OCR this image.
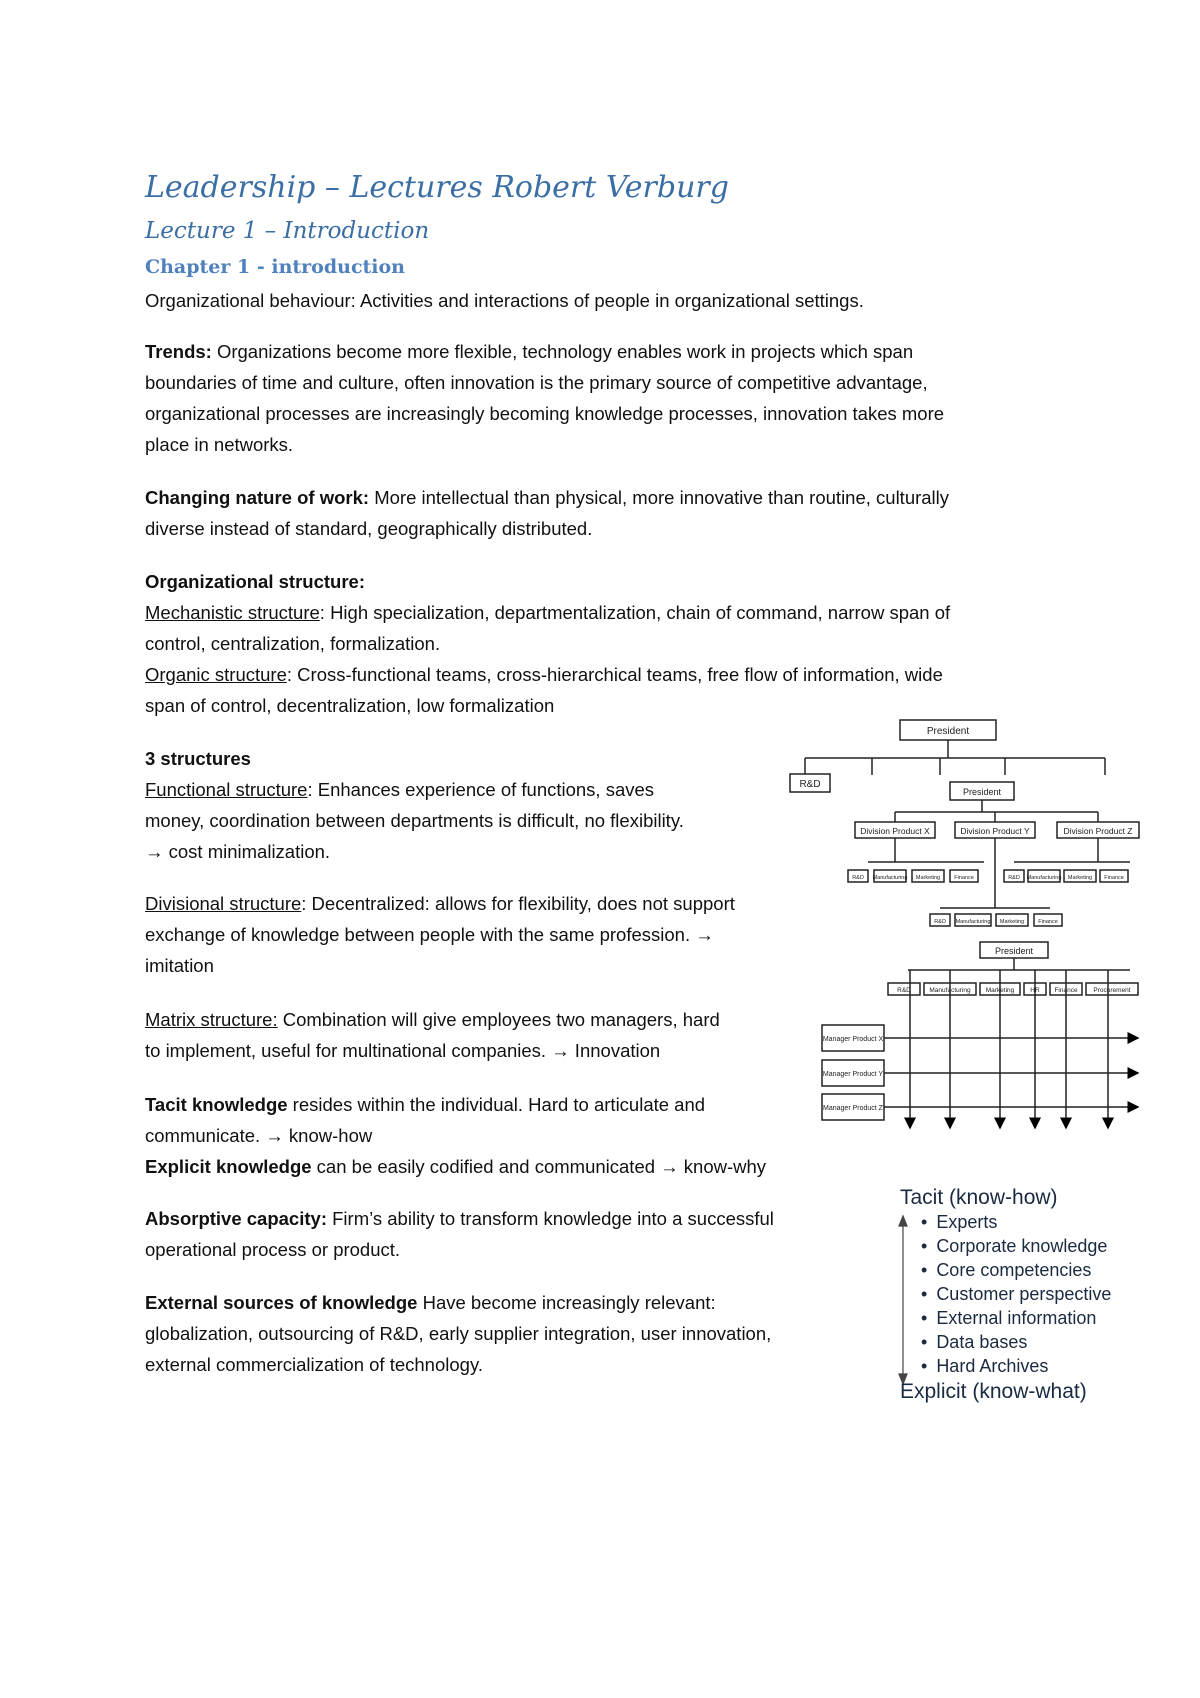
Leadership – Lectures Robert Verburg
Lecture 1 – Introduction
Chapter 1 - introduction
Organizational behaviour: Activities and interactions of people in organizational settings.
Trends: Organizations become more flexible, technology enables work in projects which span
boundaries of time and culture, often innovation is the primary source of competitive advantage,
organizational processes are increasingly becoming knowledge processes, innovation takes more
place in networks.
Changing nature of work: More intellectual than physical, more innovative than routine, culturally
diverse instead of standard, geographically distributed.
Organizational structure:
Mechanistic structure: High specialization, departmentalization, chain of command, narrow span of
control, centralization, formalization.
Organic structure: Cross-functional teams, cross-hierarchical teams, free flow of information, wide
span of control, decentralization, low formalization
3 structures
Functional structure: Enhances experience of functions, saves
money, coordination between departments is difficult, no flexibility.
→ cost minimalization.
Divisional structure: Decentralized: allows for flexibility, does not support
exchange of knowledge between people with the same profession. →
imitation
Matrix structure: Combination will give employees two managers, hard
to implement, useful for multinational companies. → Innovation
Tacit knowledge resides within the individual. Hard to articulate and
communicate. → know-how
Explicit knowledge can be easily codified and communicated → know-why
Absorptive capacity: Firm’s ability to transform knowledge into a successful
operational process or product.
External sources of knowledge Have become increasingly relevant:
globalization, outsourcing of R&D, early supplier integration, user innovation,
external commercialization of technology.
President
R&D
President
Division Product X	Division Product Y	Division Product Z
R&D Manufacturing Marketing	Finance	R&D Manufacturing Marketing Finance
R&D Manufacturing Marketing	Finance
President
R&D	Manufacturing Marketing HR Finance Procurement
Manager Product X
Manager Product Y
Manager Product Z
Tacit (know-how)
• Experts
• Corporate knowledge
• Core competencies
• Customer perspective
• External information
• Data bases
• Hard Archives
Explicit (know-what)
